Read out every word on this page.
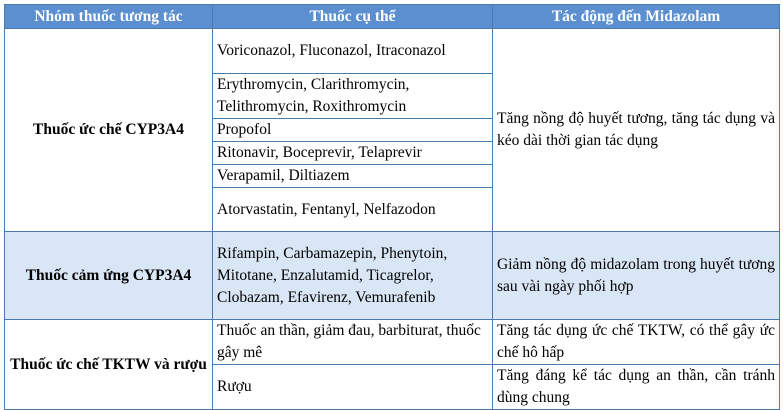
Nhóm thuốc tương tác	Thuốc cụ thể	Tác động đến Midazolam
Thuốc ức chế CYP3A4	Voriconazol, Fluconazol, Itraconazol	Tăng nồng độ huyết tương, tăng tác dụng và kéo dài thời gian tác dụng
	Erythromycin, Clarithromycin, Telithromycin, Roxithromycin	
	Propofol	
	Ritonavir, Boceprevir, Telaprevir	
	Verapamil, Diltiazem	
	Atorvastatin, Fentanyl, Nelfazodon	
Thuốc cảm ứng CYP3A4	Rifampin, Carbamazepin, Phenytoin, Mitotane, Enzalutamid, Ticagrelor, Clobazam, Efavirenz, Vemurafenib	Giảm nồng độ midazolam trong huyết tương sau vài ngày phối hợp
Thuốc ức chế TKTW và rượu	Thuốc an thần, giảm đau, barbiturat, thuốc gây mê	Tăng tác dụng ức chế TKTW, có thể gây ức chế hô hấp
	Rượu	Tăng đáng kể tác dụng an thần, cần tránh dùng chung
